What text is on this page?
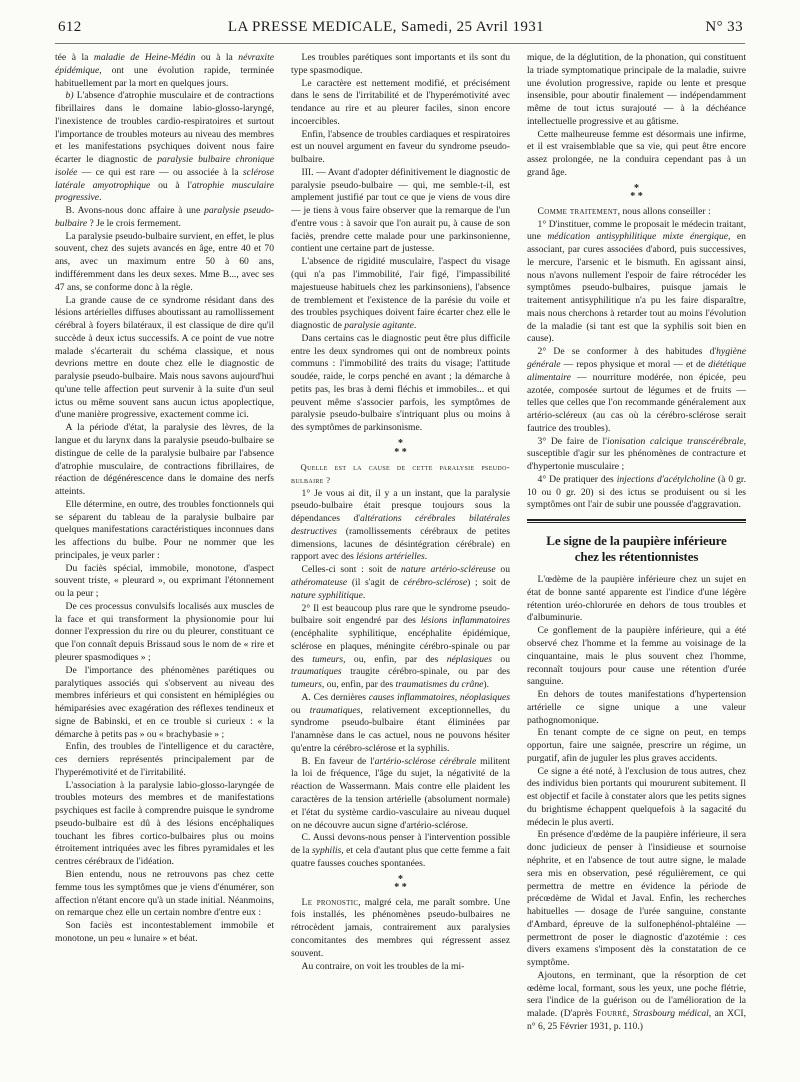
612	LA PRESSE MEDICALE, Samedi, 25 Avril 1931	N° 33
tée à la maladie de Heine-Médin ou à la névraxite épidémique, ont une évolution rapide, terminée habituellement par la mort en quelques jours.
b) L'absence d'atrophie musculaire et de contractions fibrillaires dans le domaine labio-glosso-laryngé, l'inexistence de troubles cardio-respiratoires et surtout l'importance de troubles moteurs au niveau des membres et les manifestations psychiques doivent nous faire écarter le diagnostic de paralysie bulbaire chronique isolée — ce qui est rare — ou associée à la sclérose latérale amyotrophique ou à l'atrophie musculaire progressive.
B. Avons-nous donc affaire à une paralysie pseudo-bulbaire ? Je le crois fermement.
La paralysie pseudo-bulbaire survient, en effet, le plus souvent, chez des sujets avancés en âge, entre 40 et 70 ans, avec un maximum entre 50 à 60 ans, indifféremment dans les deux sexes. Mme B..., avec ses 47 ans, se conforme donc à la règle.
La grande cause de ce syndrome résidant dans des lésions artérielles diffuses aboutissant au ramollissement cérébral à foyers bilatéraux, il est classique de dire qu'il succède à deux ictus successifs. A ce point de vue notre malade s'écarterait du schéma classique, et nous devrions mettre en doute chez elle le diagnostic de paralysie pseudo-bulbaire. Mais nous savons aujourd'hui qu'une telle affection peut survenir à la suite d'un seul ictus ou même souvent sans aucun ictus apoplectique, d'une manière progressive, exactement comme ici.
A la période d'état, la paralysie des lèvres, de la langue et du larynx dans la paralysie pseudo-bulbaire se distingue de celle de la paralysie bulbaire par l'absence d'atrophie musculaire, de contractions fibrillaires, de réaction de dégénérescence dans le domaine des nerfs atteints.
Elle détermine, en outre, des troubles fonctionnels qui se séparent du tableau de la paralysie bulbaire par quelques manifestations caractéristiques inconnues dans les affections du bulbe. Pour ne nommer que les principales, je veux parler :
Du faciès spécial, immobile, monotone, d'aspect souvent triste, « pleurard », ou exprimant l'étonnement ou la peur ;
De ces processus convulsifs localisés aux muscles de la face et qui transforment la physionomie pour lui donner l'expression du rire ou du pleurer, constituant ce que l'on connaît depuis Brissaud sous le nom de « rire et pleurer spasmodiques » ;
De l'importance des phénomènes parétiques ou paralytiques associés qui s'observent au niveau des membres inférieurs et qui consistent en hémiplégies ou hémiparésies avec exagération des réflexes tendineux et signe de Babinski, et en ce trouble si curieux : « la démarche à petits pas » ou « brachybasie » ;
Enfin, des troubles de l'intelligence et du caractère, ces derniers représentés principalement par de l'hyperémotivité et de l'irritabilité.
L'association à la paralysie labio-glosso-laryngée de troubles moteurs des membres et de manifestations psychiques est facile à comprendre puisque le syndrome pseudo-bulbaire est dû à des lésions encéphaliques touchant les fibres cortico-bulbaires plus ou moins étroitement intriquées avec les fibres pyramidales et les centres cérébraux de l'idéation.
Bien entendu, nous ne retrouvons pas chez cette femme tous les symptômes que je viens d'énumérer, son affection n'étant encore qu'à un stade initial. Néanmoins, on remarque chez elle un certain nombre d'entre eux :
Son faciès est incontestablement immobile et monotone, un peu « lunaire » et béat.
Les troubles parétiques sont importants et ils sont du type spasmodique.
Le caractère est nettement modifié, et précisément dans le sens de l'irritabilité et de l'hyperémotivité avec tendance au rire et au pleurer faciles, sinon encore incoercibles.
Enfin, l'absence de troubles cardiaques et respiratoires est un nouvel argument en faveur du syndrome pseudo-bulbaire.
III. — Avant d'adopter définitivement le diagnostic de paralysie pseudo-bulbaire — qui, me semble-t-il, est amplement justifié par tout ce que je viens de vous dire — je tiens à vous faire observer que la remarque de l'un d'entre vous : à savoir que l'on aurait pu, à cause de son faciès, prendre cette malade pour une parkinsonienne, contient une certaine part de justesse.
L'absence de rigidité musculaire, l'aspect du visage (qui n'a pas l'immobilité, l'air figé, l'impassibilité majestueuse habituels chez les parkinsoniens), l'absence de tremblement et l'existence de la parésie du voile et des troubles psychiques doivent faire écarter chez elle le diagnostic de paralysie agitante.
Dans certains cas le diagnostic peut être plus difficile entre les deux syndromes qui ont de nombreux points communs : l'immobilité des traits du visage; l'attitude soudée, raide, le corps penché en avant ; la démarche à petits pas, les bras à demi fléchis et immobiles... et qui peuvent même s'associer parfois, les symptômes de paralysie pseudo-bulbaire s'intriquant plus ou moins à des symptômes de parkinsonisme.
*
* *
Quelle est la cause de cette paralysie pseudo-bulbaire ?
1° Je vous ai dit, il y a un instant, que la paralysie pseudo-bulbaire était presque toujours sous la dépendances d'altérations cérébrales bilatérales destructives (ramollissements cérébraux de petites dimensions, lacunes de désintégration cérébrale) en rapport avec des lésions artérielles.
Celles-ci sont : soit de nature artério-scléreuse ou athéromateuse (il s'agit de cérébro-sclérose) ; soit de nature syphilitique.
2° Il est beaucoup plus rare que le syndrome pseudo-bulbaire soit engendré par des lésions inflammatoires (encéphalite syphilitique, encéphalite épidémique, sclérose en plaques, méningite cérébro-spinale ou par des tumeurs, ou, enfin, par des néplasiques ou traumatiques traugite cérébro-spinale, ou par des tumeurs, ou, enfin, par des traumatismes du crâne).
A. Ces dernières causes inflammatoires, néoplasiques ou traumatiques, relativement exceptionnelles, du syndrome pseudo-bulbaire étant éliminées par l'anamnèse dans le cas actuel, nous ne pouvons hésiter qu'entre la cérébro-sclérose et la syphilis.
B. En faveur de l'artério-sclérose cérébrale militent la loi de fréquence, l'âge du sujet, la négativité de la réaction de Wassermann. Mais contre elle plaident les caractères de la tension artérielle (absolument normale) et l'état du système cardio-vasculaire au niveau duquel on ne découvre aucun signe d'artério-sclérose.
C. Aussi devons-nous penser à l'intervention possible de la syphilis, et cela d'autant plus que cette femme a fait quatre fausses couches spontanées.
*
* *
Le pronostic, malgré cela, me paraît sombre. Une fois installés, les phénomènes pseudo-bulbaires ne rétrocèdent jamais, contrairement aux paralysies concomitantes des membres qui régressent assez souvent.
Au contraire, on voit les troubles de la mi-
mique, de la déglutition, de la phonation, qui constituent la triade symptomatique principale de la maladie, suivre une évolution progressive, rapide ou lente et presque insensible, pour aboutir finalement — indépendamment même de tout ictus surajouté — à la déchéance intellectuelle progressive et au gâtisme.
Cette malheureuse femme est désormais une infirme, et il est vraisemblable que sa vie, qui peut être encore assez prolongée, ne la conduira cependant pas à un grand âge.
*
* *
Comme traitement, nous allons conseiller :
1° D'instituer, comme le proposait le médecin traitant, une médication antisyphilitique mixte énergique, en associant, par cures associées d'abord, puis successives, le mercure, l'arsenic et le bismuth. En agissant ainsi, nous n'avons nullement l'espoir de faire rétrocéder les symptômes pseudo-bulbaires, puisque jamais le traitement antisyphilitique n'a pu les faire disparaître, mais nous cherchons à retarder tout au moins l'évolution de la maladie (si tant est que la syphilis soit bien en cause).
2° De se conformer à des habitudes d'hygiène générale — repos physique et moral — et de diététique alimentaire — nourriture modérée, non épicée, peu azotée, composée surtout de légumes et de fruits — telles que celles que l'on recommande généralement aux artério-scléreux (au cas où la cérébro-sclérose serait fautrice des troubles).
3° De faire de l'ionisation calcique transcérébrale, susceptible d'agir sur les phénomènes de contracture et d'hypertonie musculaire ;
4° De pratiquer des injections d'acétylcholine (à 0 gr. 10 ou 0 gr. 20) si des ictus se produisent ou si les symptômes ont l'air de subir une poussée d'aggravation.
Le signe de la paupière inférieure
chez les rétentionnistes
L'œdème de la paupière inférieure chez un sujet en état de bonne santé apparente est l'indice d'une légère rétention uréo-chlorurée en dehors de tous troubles et d'albuminurie.
Ce gonflement de la paupière inférieure, qui a été observé chez l'homme et la femme au voisinage de la cinquantaine, mais le plus souvent chez l'homme, reconnaît toujours pour cause une rétention d'urée sanguine.
En dehors de toutes manifestations d'hypertension artérielle ce signe unique a une valeur pathognomonique.
En tenant compte de ce signe on peut, en temps opportun, faire une saignée, prescrire un régime, un purgatif, afin de juguler les plus graves accidents.
Ce signe a été noté, à l'exclusion de tous autres, chez des individus bien portants qui moururent subitement. Il est objectif et facile à constater alors que les petits signes du brightisme échappent quelquefois à la sagacité du médecin le plus averti.
En présence d'œdème de la paupière inférieure, il sera donc judicieux de penser à l'insidieuse et sournoise néphrite, et en l'absence de tout autre signe, le malade sera mis en observation, pesé régulièrement, ce qui permettra de mettre en évidence la période de précœdème de Widal et Javal. Enfin, les recherches habituelles — dosage de l'urée sanguine, constante d'Ambard, épreuve de la sulfonephénol-phtaléine — permettront de poser le diagnostic d'azotémie : ces divers examens s'imposent dès la constatation de ce symptôme.
Ajoutons, en terminant, que la résorption de cet œdème local, formant, sous les yeux, une poche flétrie, sera l'indice de la guérison ou de l'amélioration de la malade. (D'après Fourré, Strasbourg médical, an XCI, n° 6, 25 Février 1931, p. 110.)
